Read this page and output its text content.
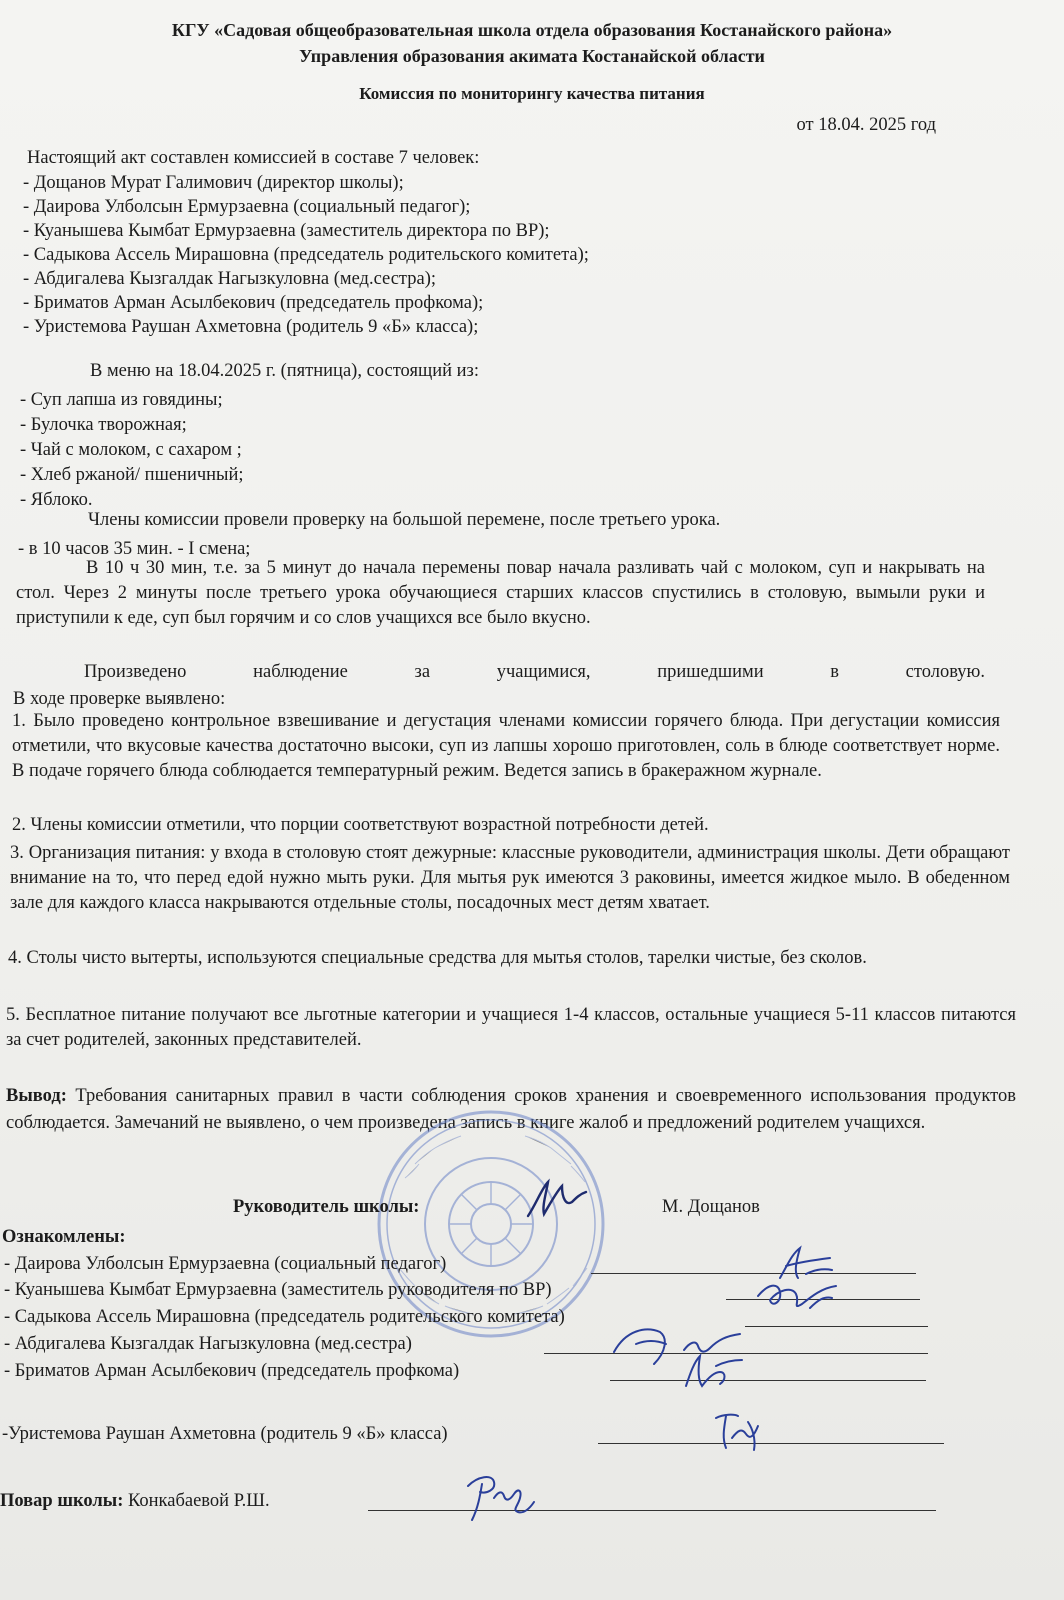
КГУ «Садовая общеобразовательная школа отдела образования Костанайского района»
Управления образования акимата Костанайской области
Комиссия по мониторингу качества питания
от 18.04. 2025 год
Настоящий акт составлен комиссией в составе 7 человек:
- Дощанов Мурат Галимович (директор школы);
- Даирова Улболсын Ермурзаевна (социальный педагог);
- Куанышева Кымбат Ермурзаевна (заместитель директора по ВР);
- Садыкова Ассель Мирашовна (председатель родительского комитета);
- Абдигалева Кызгалдак Нагызкуловна (мед.сестра);
- Бриматов Арман Асылбекович (председатель профкома);
- Уристемова Раушан Ахметовна (родитель 9 «Б» класса);
В меню на 18.04.2025 г. (пятница), состоящий из:
- Суп лапша из говядины;
- Булочка творожная;
- Чай с молоком, с сахаром ;
- Хлеб ржаной/ пшеничный;
- Яблоко.
Члены комиссии провели проверку на большой перемене, после третьего урока.
- в 10 часов 35 мин. - I смена;
В 10 ч 30 мин, т.е. за 5 минут до начала перемены повар начала разливать чай с молоком, суп и накрывать на стол. Через 2 минуты после третьего урока обучающиеся старших классов спустились в столовую, вымыли руки и приступили к еде, суп был горячим и со слов учащихся все было вкусно.
Произведено наблюдение за учащимися, пришедшими в столовую.
В ходе проверке выявлено:
1. Было проведено контрольное взвешивание и дегустация членами комиссии горячего блюда. При дегустации комиссия отметили, что вкусовые качества достаточно высоки, суп из лапшы хорошо приготовлен, соль в блюде соответствует норме. В подаче горячего блюда соблюдается температурный режим. Ведется запись в бракеражном журнале.
2. Члены комиссии отметили, что порции соответствуют возрастной потребности детей.
3. Организация питания: у входа в столовую стоят дежурные: классные руководители, администрация школы. Дети обращают внимание на то, что перед едой нужно мыть руки. Для мытья рук имеются 3 раковины, имеется жидкое мыло. В обеденном зале для каждого класса накрываются отдельные столы, посадочных мест детям хватает.
4. Столы чисто вытерты, используются специальные средства для мытья столов, тарелки чистые, без сколов.
5. Бесплатное питание получают все льготные категории и учащиеся 1-4 классов, остальные учащиеся 5-11 классов питаются за счет родителей, законных представителей.
Вывод: Требования санитарных правил в части соблюдения сроков хранения и своевременного использования продуктов соблюдается. Замечаний не выявлено, о чем произведена запись в книге жалоб и предложений родителем учащихся.
Руководитель школы:	М. Дощанов
Ознакомлены:
- Даирова Улболсын Ермурзаевна (социальный педагог)
- Куанышева Кымбат Ермурзаевна (заместитель руководителя по ВР)
- Садыкова Ассель Мирашовна (председатель родительского комитета)
- Абдигалева Кызгалдак Нагызкуловна (мед.сестра)
- Бриматов Арман Асылбекович (председатель профкома)
-Уристемова Раушан Ахметовна (родитель 9 «Б» класса)
Повар школы: Конкабаевой Р.Ш.
